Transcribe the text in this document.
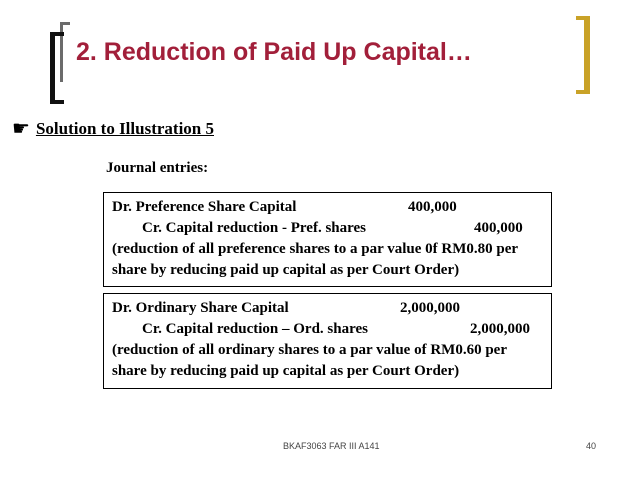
2. Reduction of Paid Up Capital…
☛ Solution to Illustration 5
Journal entries:
Dr. Preference Share Capital	400,000
Cr. Capital reduction - Pref. shares	400,000
(reduction of all preference shares to a par value 0f RM0.80 per share by reducing paid up capital as per Court Order)
Dr. Ordinary Share Capital	2,000,000
Cr. Capital reduction – Ord. shares	2,000,000
(reduction of all ordinary shares to a par value of RM0.60 per share by reducing paid up capital as per Court Order)
BKAF3063 FAR III A141	40
